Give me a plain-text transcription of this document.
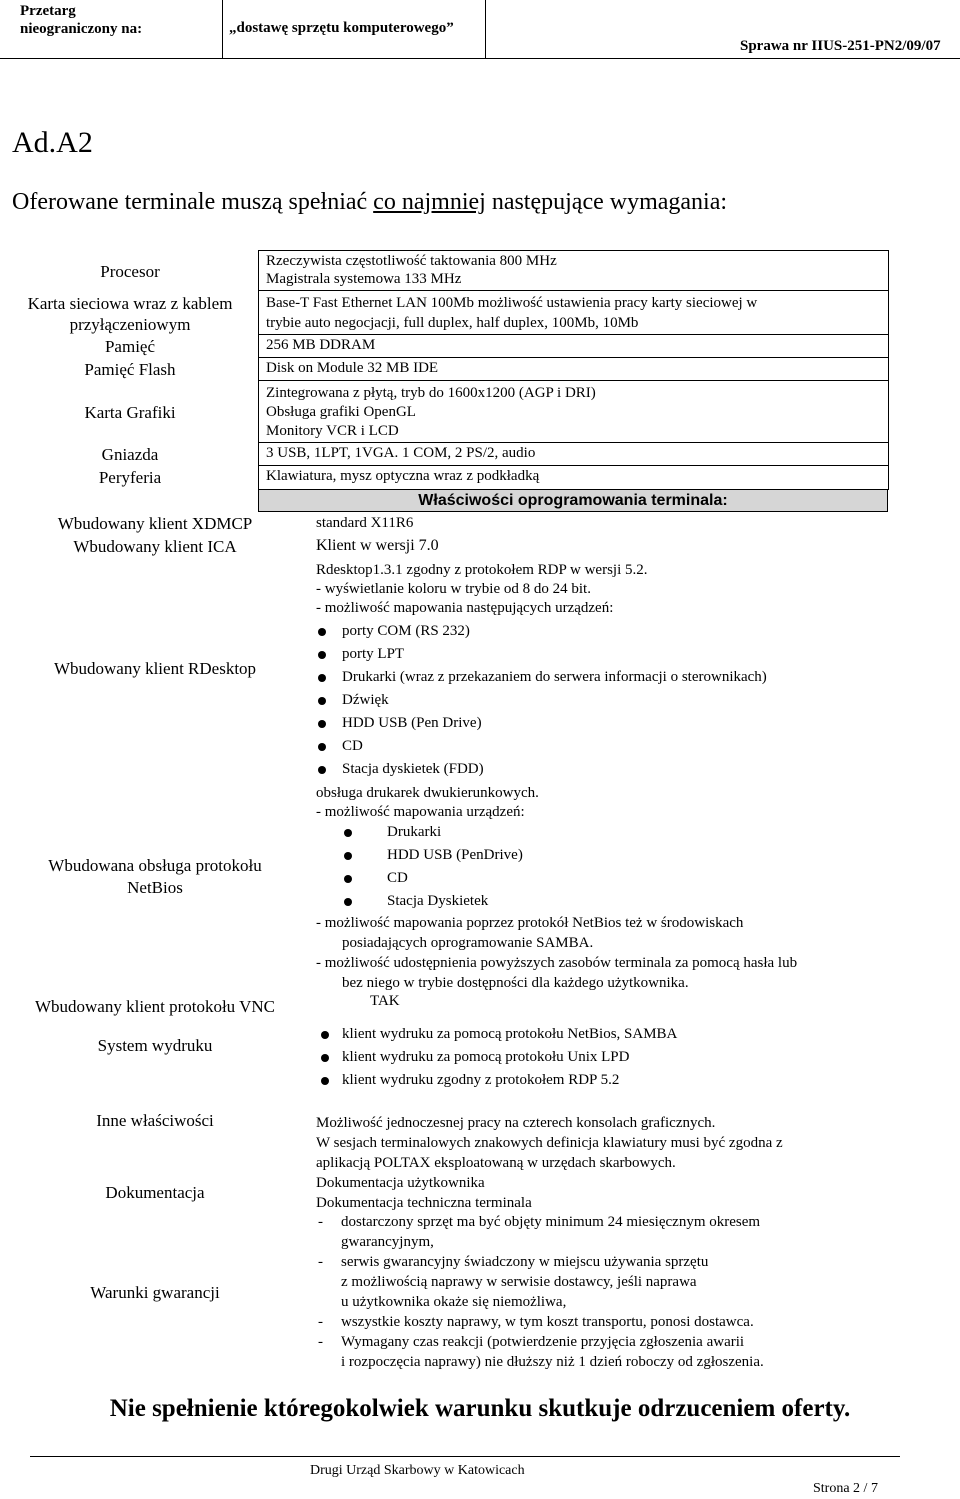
Przetarg
nieograniczony na:	„dostawę sprzętu komputerowego”
Sprawa nr IIUS-251-PN2/09/07
Ad.A2
Oferowane terminale muszą spełniać co najmniej następujące wymagania:
Procesor
Karta sieciowa wraz z kablem
przyłączeniowym
Pamięć
Pamięć Flash
Karta Grafiki
Gniazda
Peryferia
Rzeczywista częstotliwość taktowania 800 MHz
Magistrala systemowa 133 MHz
Base-T Fast Ethernet LAN 100Mb możliwość ustawienia pracy karty sieciowej w
trybie auto negocjacji, full duplex, half duplex, 100Mb, 10Mb
256 MB DDRAM
Disk on Module 32 MB IDE
Zintegrowana z płytą, tryb do 1600x1200 (AGP i DRI)
Obsługa grafiki OpenGL
Monitory VCR i LCD
3 USB, 1LPT, 1VGA. 1 COM, 2 PS/2, audio
Klawiatura, mysz optyczna wraz z podkładką
Właściwości oprogramowania terminala:
Wbudowany klient XDMCP
Wbudowany klient ICA
Wbudowany klient RDesktop
Wbudowana obsługa protokołu
NetBios
Wbudowany klient protokołu VNC
System wydruku
Inne właściwości
Dokumentacja
Warunki gwarancji
standard X11R6
Klient w wersji 7.0
Rdesktop1.3.1 zgodny z protokołem RDP w wersji 5.2.
- wyświetlanie koloru w trybie od 8 do 24 bit.
- możliwość mapowania następujących urządzeń:
porty COM (RS 232)
porty LPT
Drukarki (wraz z przekazaniem do serwera informacji o sterownikach)
Dźwięk
HDD USB (Pen Drive)
CD
Stacja dyskietek (FDD)
obsługa drukarek dwukierunkowych.
- możliwość mapowania urządzeń:
Drukarki
HDD USB (PenDrive)
CD
Stacja Dyskietek
- możliwość mapowania poprzez protokół NetBios też w środowiskach
posiadających oprogramowanie SAMBA.
- możliwość udostępnienia powyższych zasobów terminala za pomocą hasła lub
bez niego w trybie dostępności dla każdego użytkownika.
TAK
klient wydruku za pomocą protokołu NetBios, SAMBA
klient wydruku za pomocą protokołu Unix LPD
klient wydruku zgodny z protokołem RDP 5.2
Możliwość jednoczesnej pracy na czterech konsolach graficznych.
W sesjach terminalowych znakowych definicja klawiatury musi być zgodna z
aplikacją POLTAX eksploatowaną w urzędach skarbowych.
Dokumentacja użytkownika
Dokumentacja techniczna terminala
- dostarczony sprzęt ma być objęty minimum 24 miesięcznym okresem
gwarancyjnym,
- serwis gwarancyjny świadczony w miejscu używania sprzętu
z możliwością naprawy w serwisie dostawcy, jeśli naprawa
u użytkownika okaże się niemożliwa,
- wszystkie koszty naprawy, w tym koszt transportu, ponosi dostawca.
- Wymagany czas reakcji (potwierdzenie przyjęcia zgłoszenia awarii
i rozpoczęcia naprawy) nie dłuższy niż 1 dzień roboczy od zgłoszenia.
Nie spełnienie któregokolwiek warunku skutkuje odrzuceniem oferty.
Drugi Urząd Skarbowy w Katowicach
Strona 2 / 7
